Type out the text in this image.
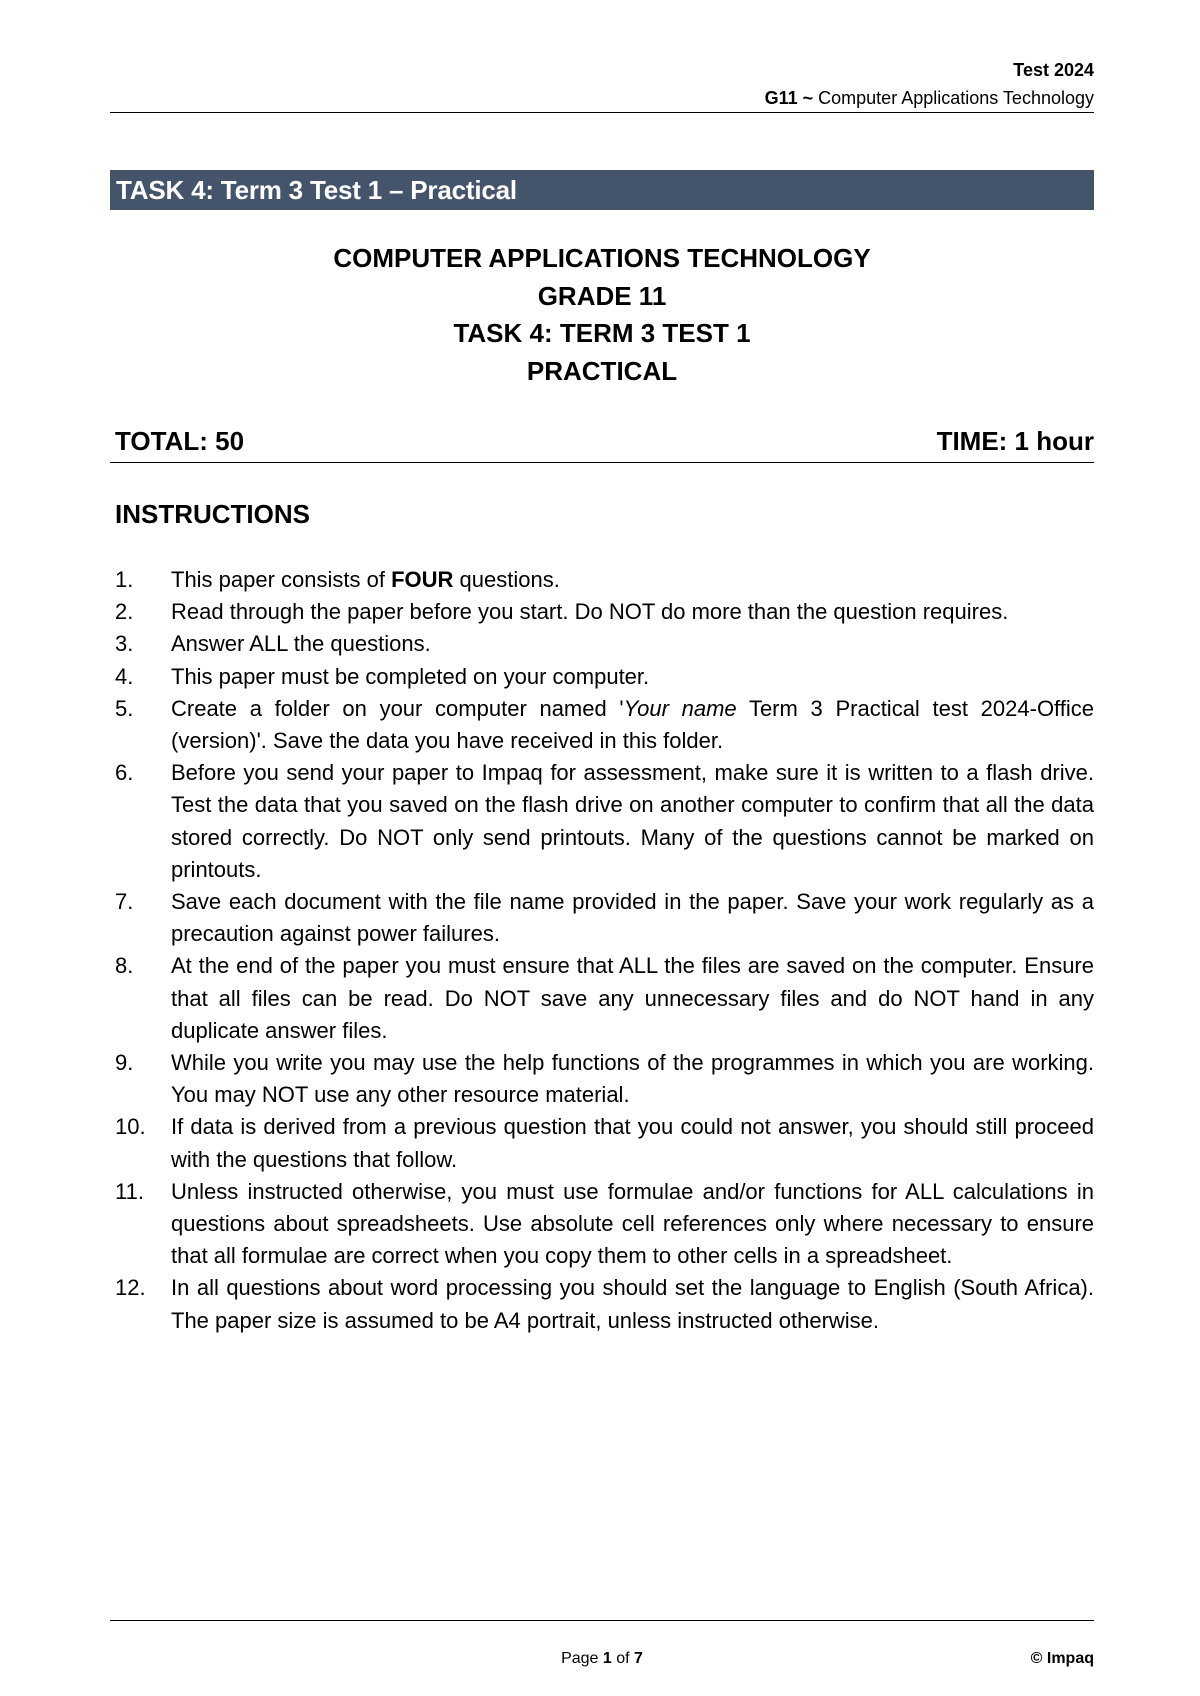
Test 2024
G11 ~ Computer Applications Technology
TASK 4: Term 3 Test 1 – Practical
COMPUTER APPLICATIONS TECHNOLOGY
GRADE 11
TASK 4: TERM 3 TEST 1
PRACTICAL
TOTAL: 50	TIME: 1 hour
INSTRUCTIONS
1. This paper consists of FOUR questions.
2. Read through the paper before you start. Do NOT do more than the question requires.
3. Answer ALL the questions.
4. This paper must be completed on your computer.
5. Create a folder on your computer named 'Your name Term 3 Practical test 2024-Office (version)'. Save the data you have received in this folder.
6. Before you send your paper to Impaq for assessment, make sure it is written to a flash drive. Test the data that you saved on the flash drive on another computer to confirm that all the data stored correctly. Do NOT only send printouts. Many of the questions cannot be marked on printouts.
7. Save each document with the file name provided in the paper. Save your work regularly as a precaution against power failures.
8. At the end of the paper you must ensure that ALL the files are saved on the computer. Ensure that all files can be read. Do NOT save any unnecessary files and do NOT hand in any duplicate answer files.
9. While you write you may use the help functions of the programmes in which you are working. You may NOT use any other resource material.
10. If data is derived from a previous question that you could not answer, you should still proceed with the questions that follow.
11. Unless instructed otherwise, you must use formulae and/or functions for ALL calculations in questions about spreadsheets. Use absolute cell references only where necessary to ensure that all formulae are correct when you copy them to other cells in a spreadsheet.
12. In all questions about word processing you should set the language to English (South Africa). The paper size is assumed to be A4 portrait, unless instructed otherwise.
Page 1 of 7	© Impaq
